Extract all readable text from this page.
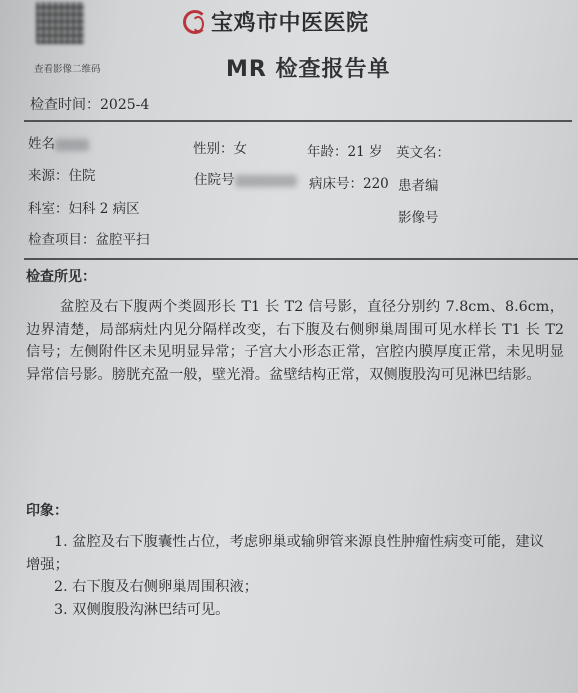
查看影像二维码
宝鸡市中医医院
MR 检查报告单
检查时间：2025-4
姓名	性别：女	年龄：21 岁 英文名：
来源：住院	住院号	病床号：220 患者编
科室：妇科 2 病区
影像号
检查项目：盆腔平扫
检查所见：

盆腔及右下腹两个类圆形长 T1 长 T2 信号影，直径分别约 7.8cm、8.6cm，边界清楚，局部病灶内见分隔样改变，右下腹及右侧卵巢周围可见水样长 T1 长 T2 信号；左侧附件区未见明显异常；子宫大小形态正常，宫腔内膜厚度正常，未见明显异常信号影。膀胱充盈一般，壁光滑。盆壁结构正常，双侧腹股沟可见淋巴结影。

印象：
1. 盆腔及右下腹囊性占位，考虑卵巢或输卵管来源良性肿瘤性病变可能，建议增强；
2. 右下腹及右侧卵巢周围积液；
3. 双侧腹股沟淋巴结可见。
